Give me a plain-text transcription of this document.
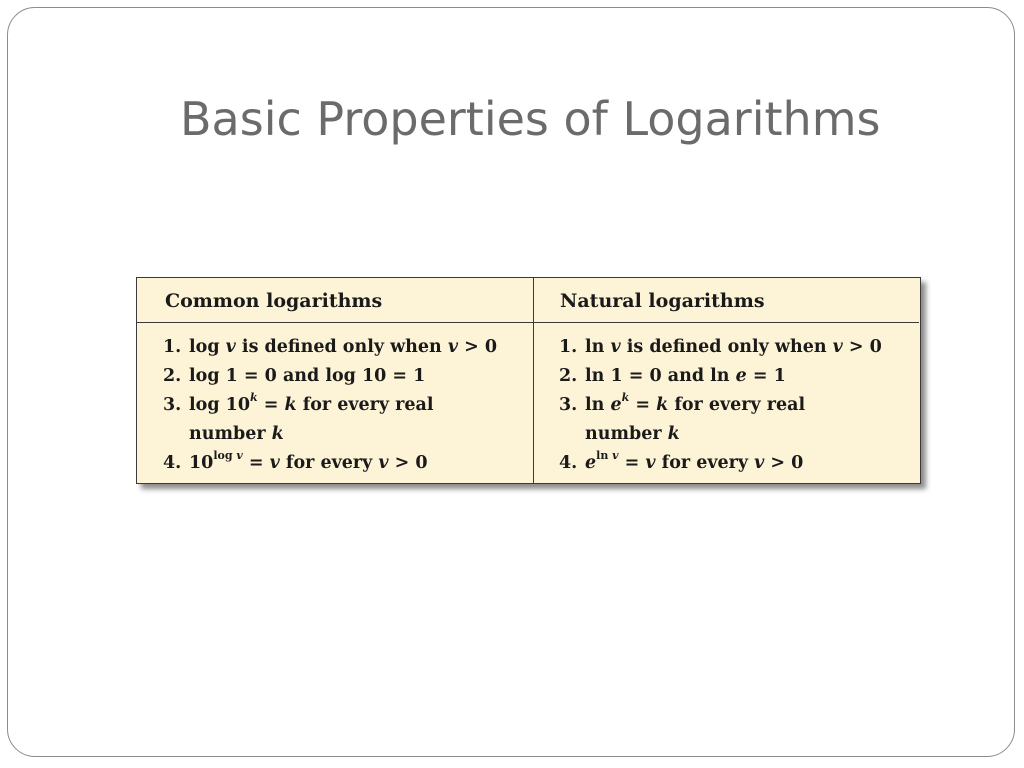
Basic Properties of Logarithms
Common logarithms
1. log v is defined only when v > 0
2. log 1 = 0 and log 10 = 1
3. $\log 10^k = k$ for every real
number k
4. $10^{log v} = v$ for every v > 0
Natural logarithms
1. ln v is defined only when v > 0
2. ln 1 = 0 and ln e = 1
3. $\ln e^k = k$ for every real
number k
4. $e^{ln v} = v$ for every v > 0
